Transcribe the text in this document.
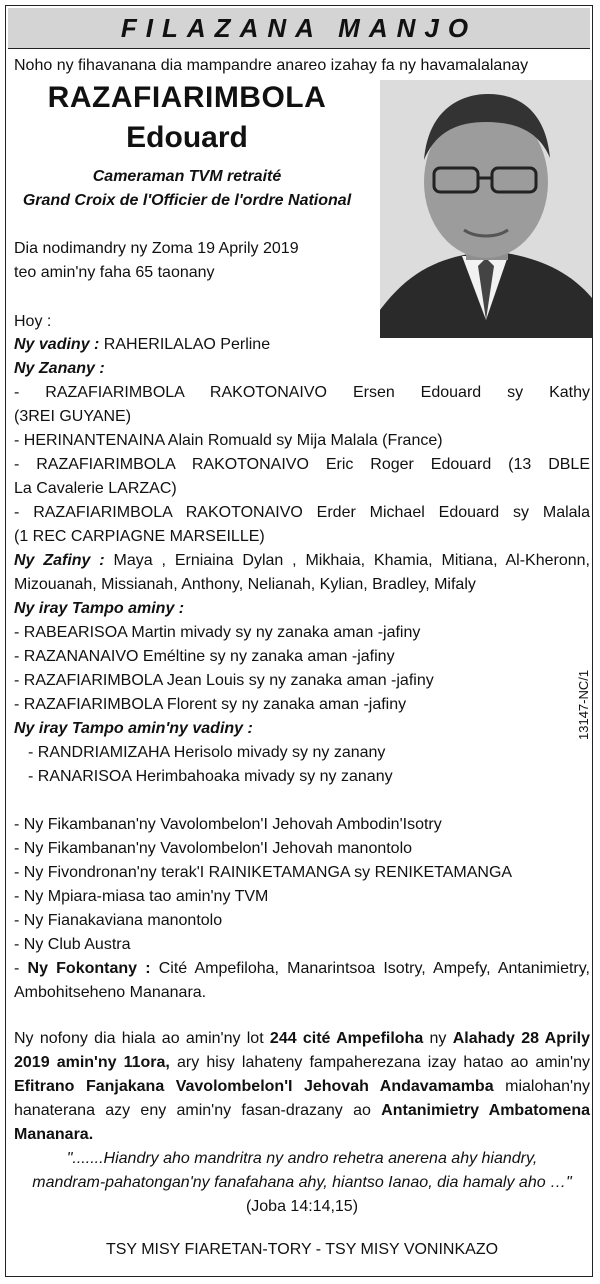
FILAZANA MANJO
Noho ny fihavanana dia mampandre anareo izahay fa ny havamalalanay
RAZAFIARIMBOLA
Edouard
Cameraman TVM retraité
Grand Croix de l'Officier de l'ordre National
Dia nodimandry ny Zoma 19 Aprily 2019
teo amin'ny faha 65 taonany
Hoy :
Ny vadiny : RAHERILALAO Perline
Ny Zanany :
- RAZAFIARIMBOLA RAKOTONAIVO Ersen Edouard sy Kathy
(3REI GUYANE)
- HERINANTENAINA Alain Romuald sy Mija Malala (France)
- RAZAFIARIMBOLA RAKOTONAIVO Eric Roger Edouard (13 DBLE
La Cavalerie LARZAC)
- RAZAFIARIMBOLA RAKOTONAIVO Erder Michael Edouard sy Malala
(1 REC CARPIAGNE MARSEILLE)
Ny Zafiny : Maya , Erniaina Dylan , Mikhaia, Khamia, Mitiana, Al-Kheronn,
Mizouanah, Missianah, Anthony, Nelianah, Kylian, Bradley, Mifaly
Ny iray Tampo aminy :
- RABEARISOA Martin mivady sy ny zanaka aman -jafiny
- RAZANANAIVO Eméltine sy ny zanaka aman -jafiny
- RAZAFIARIMBOLA Jean Louis sy ny zanaka aman -jafiny
- RAZAFIARIMBOLA Florent sy ny zanaka aman -jafiny
Ny iray Tampo amin'ny vadiny :
- RANDRIAMIZAHA Herisolo mivady sy ny zanany
- RANARISOA Herimbahoaka mivady sy ny zanany
13147-NC/1
- Ny Fikambanan'ny Vavolombelon'I Jehovah Ambodin'Isotry
- Ny Fikambanan'ny Vavolombelon'I Jehovah manontolo
- Ny Fivondronan'ny terak'I RAINIKETAMANGA sy RENIKETAMANGA
- Ny Mpiara-miasa tao amin'ny TVM
- Ny Fianakaviana manontolo
- Ny Club Austra
- Ny Fokontany : Cité Ampefiloha, Manarintsoa Isotry, Ampefy, Antanimietry,
Ambohitseheno Mananara.
Ny nofony dia hiala ao amin'ny lot 244 cité Ampefiloha ny Alahady 28 Aprily 2019 amin'ny 11ora, ary hisy lahateny fampaherezana izay hatao ao amin'ny Efitrano Fanjakana Vavolombelon'I Jehovah Andavamamba mialohan'ny hanaterana azy eny amin'ny fasan-drazany ao Antanimietry Ambatomena Mananara.
".......Hiandry aho mandritra ny andro rehetra anerena ahy hiandry,
mandram-pahatongan'ny fanafahana ahy, hiantso Ianao, dia hamaly aho …"
(Joba 14:14,15)
TSY MISY FIARETAN-TORY - TSY MISY VONINKAZO
